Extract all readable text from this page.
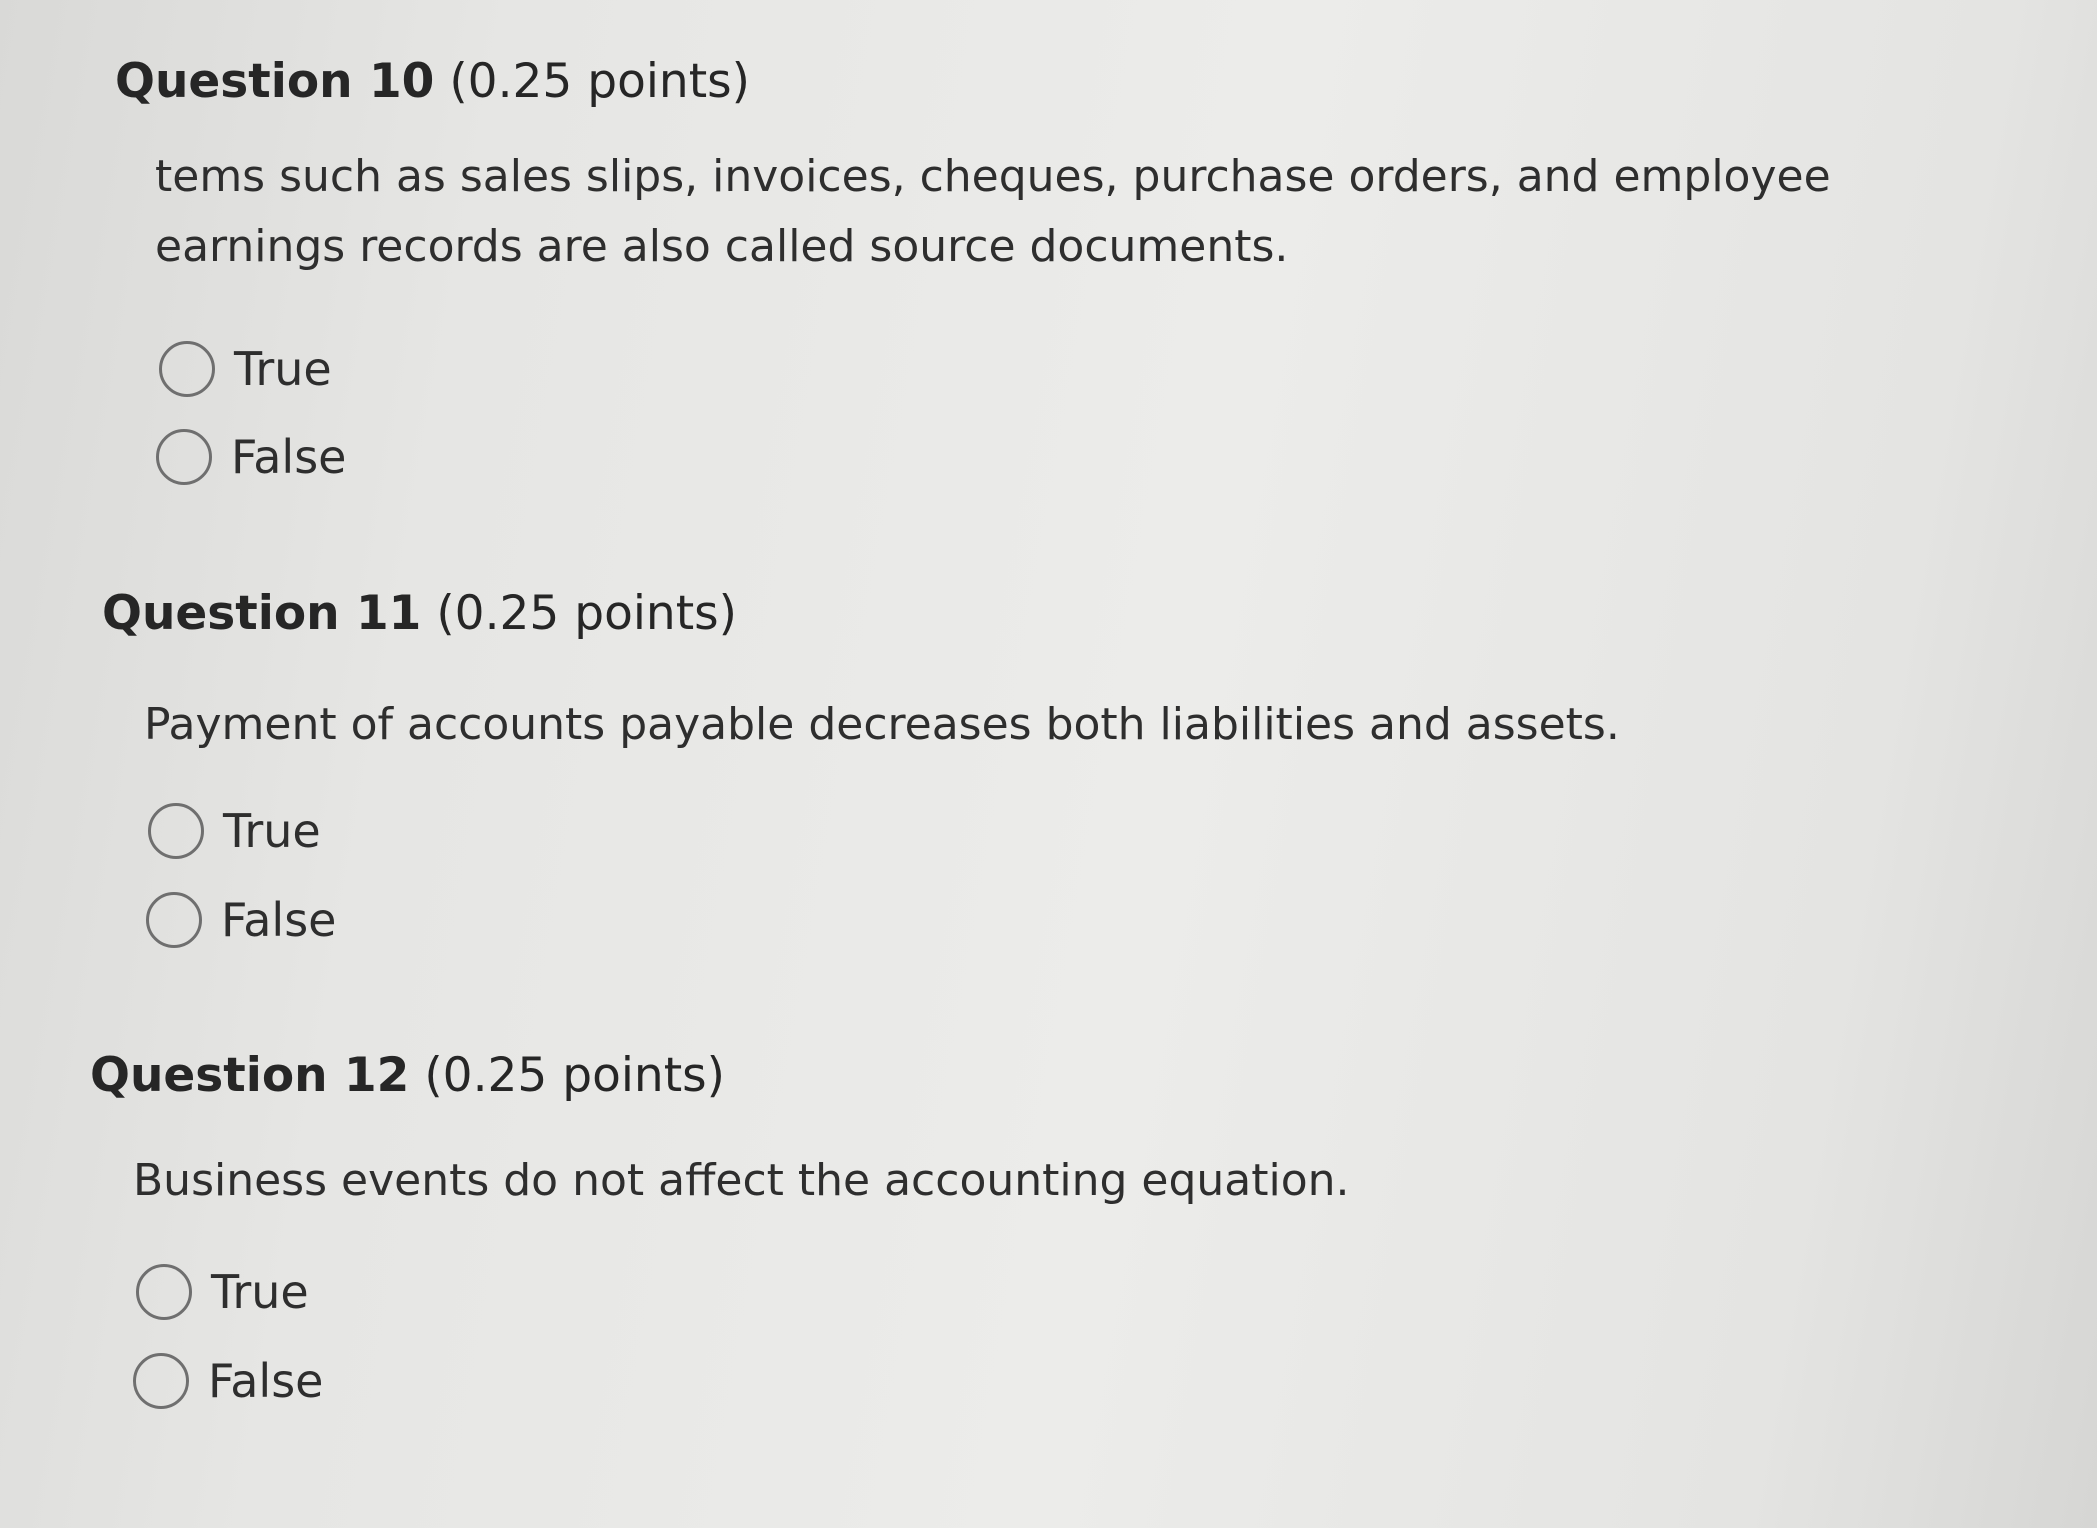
Question 10 (0.25 points)
tems such as sales slips, invoices, cheques, purchase orders, and employee earnings records are also called source documents.
True
False
Question 11 (0.25 points)
Payment of accounts payable decreases both liabilities and assets.
True
False
Question 12 (0.25 points)
Business events do not affect the accounting equation.
True
False
